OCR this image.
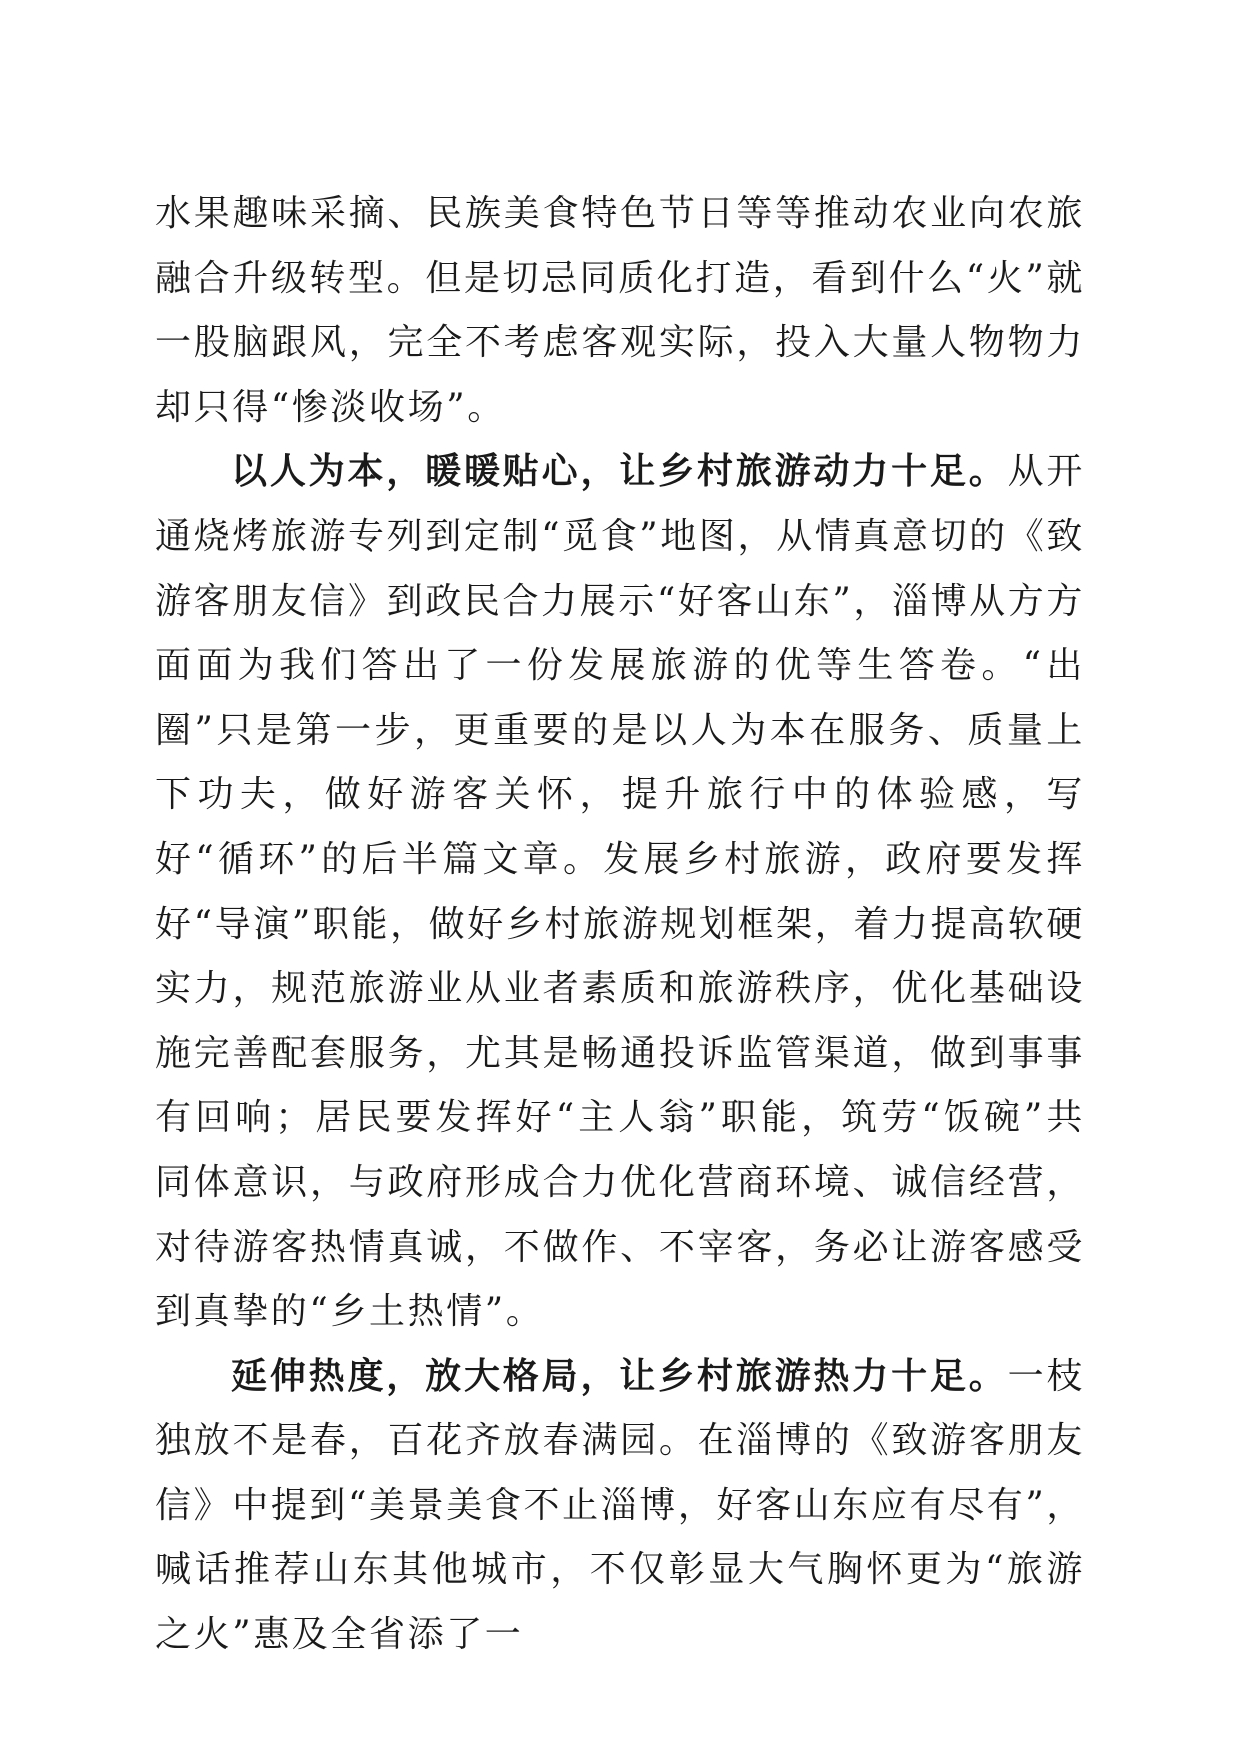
水果趣味采摘、民族美食特色节日等等推动农业向农旅融合升级转型。但是切忌同质化打造，看到什么“火”就一股脑跟风，完全不考虑客观实际，投入大量人物物力却只得“惨淡收场”。

以人为本，暖暖贴心，让乡村旅游动力十足。从开通烧烤旅游专列到定制“觅食”地图，从情真意切的《致游客朋友信》到政民合力展示“好客山东”，淄博从方方面面为我们答出了一份发展旅游的优等生答卷。“出圈”只是第一步，更重要的是以人为本在服务、质量上下功夫，做好游客关怀，提升旅行中的体验感，写好“循环”的后半篇文章。发展乡村旅游，政府要发挥好“导演”职能，做好乡村旅游规划框架，着力提高软硬实力，规范旅游业从业者素质和旅游秩序，优化基础设施完善配套服务，尤其是畅通投诉监管渠道，做到事事有回响；居民要发挥好“主人翁”职能，筑劳“饭碗”共同体意识，与政府形成合力优化营商环境、诚信经营，对待游客热情真诚，不做作、不宰客，务必让游客感受到真挚的“乡土热情”。

延伸热度，放大格局，让乡村旅游热力十足。一枝独放不是春，百花齐放春满园。在淄博的《致游客朋友信》中提到“美景美食不止淄博，好客山东应有尽有”，喊话推荐山东其他城市，不仅彰显大气胸怀更为“旅游之火”惠及全省添了一
